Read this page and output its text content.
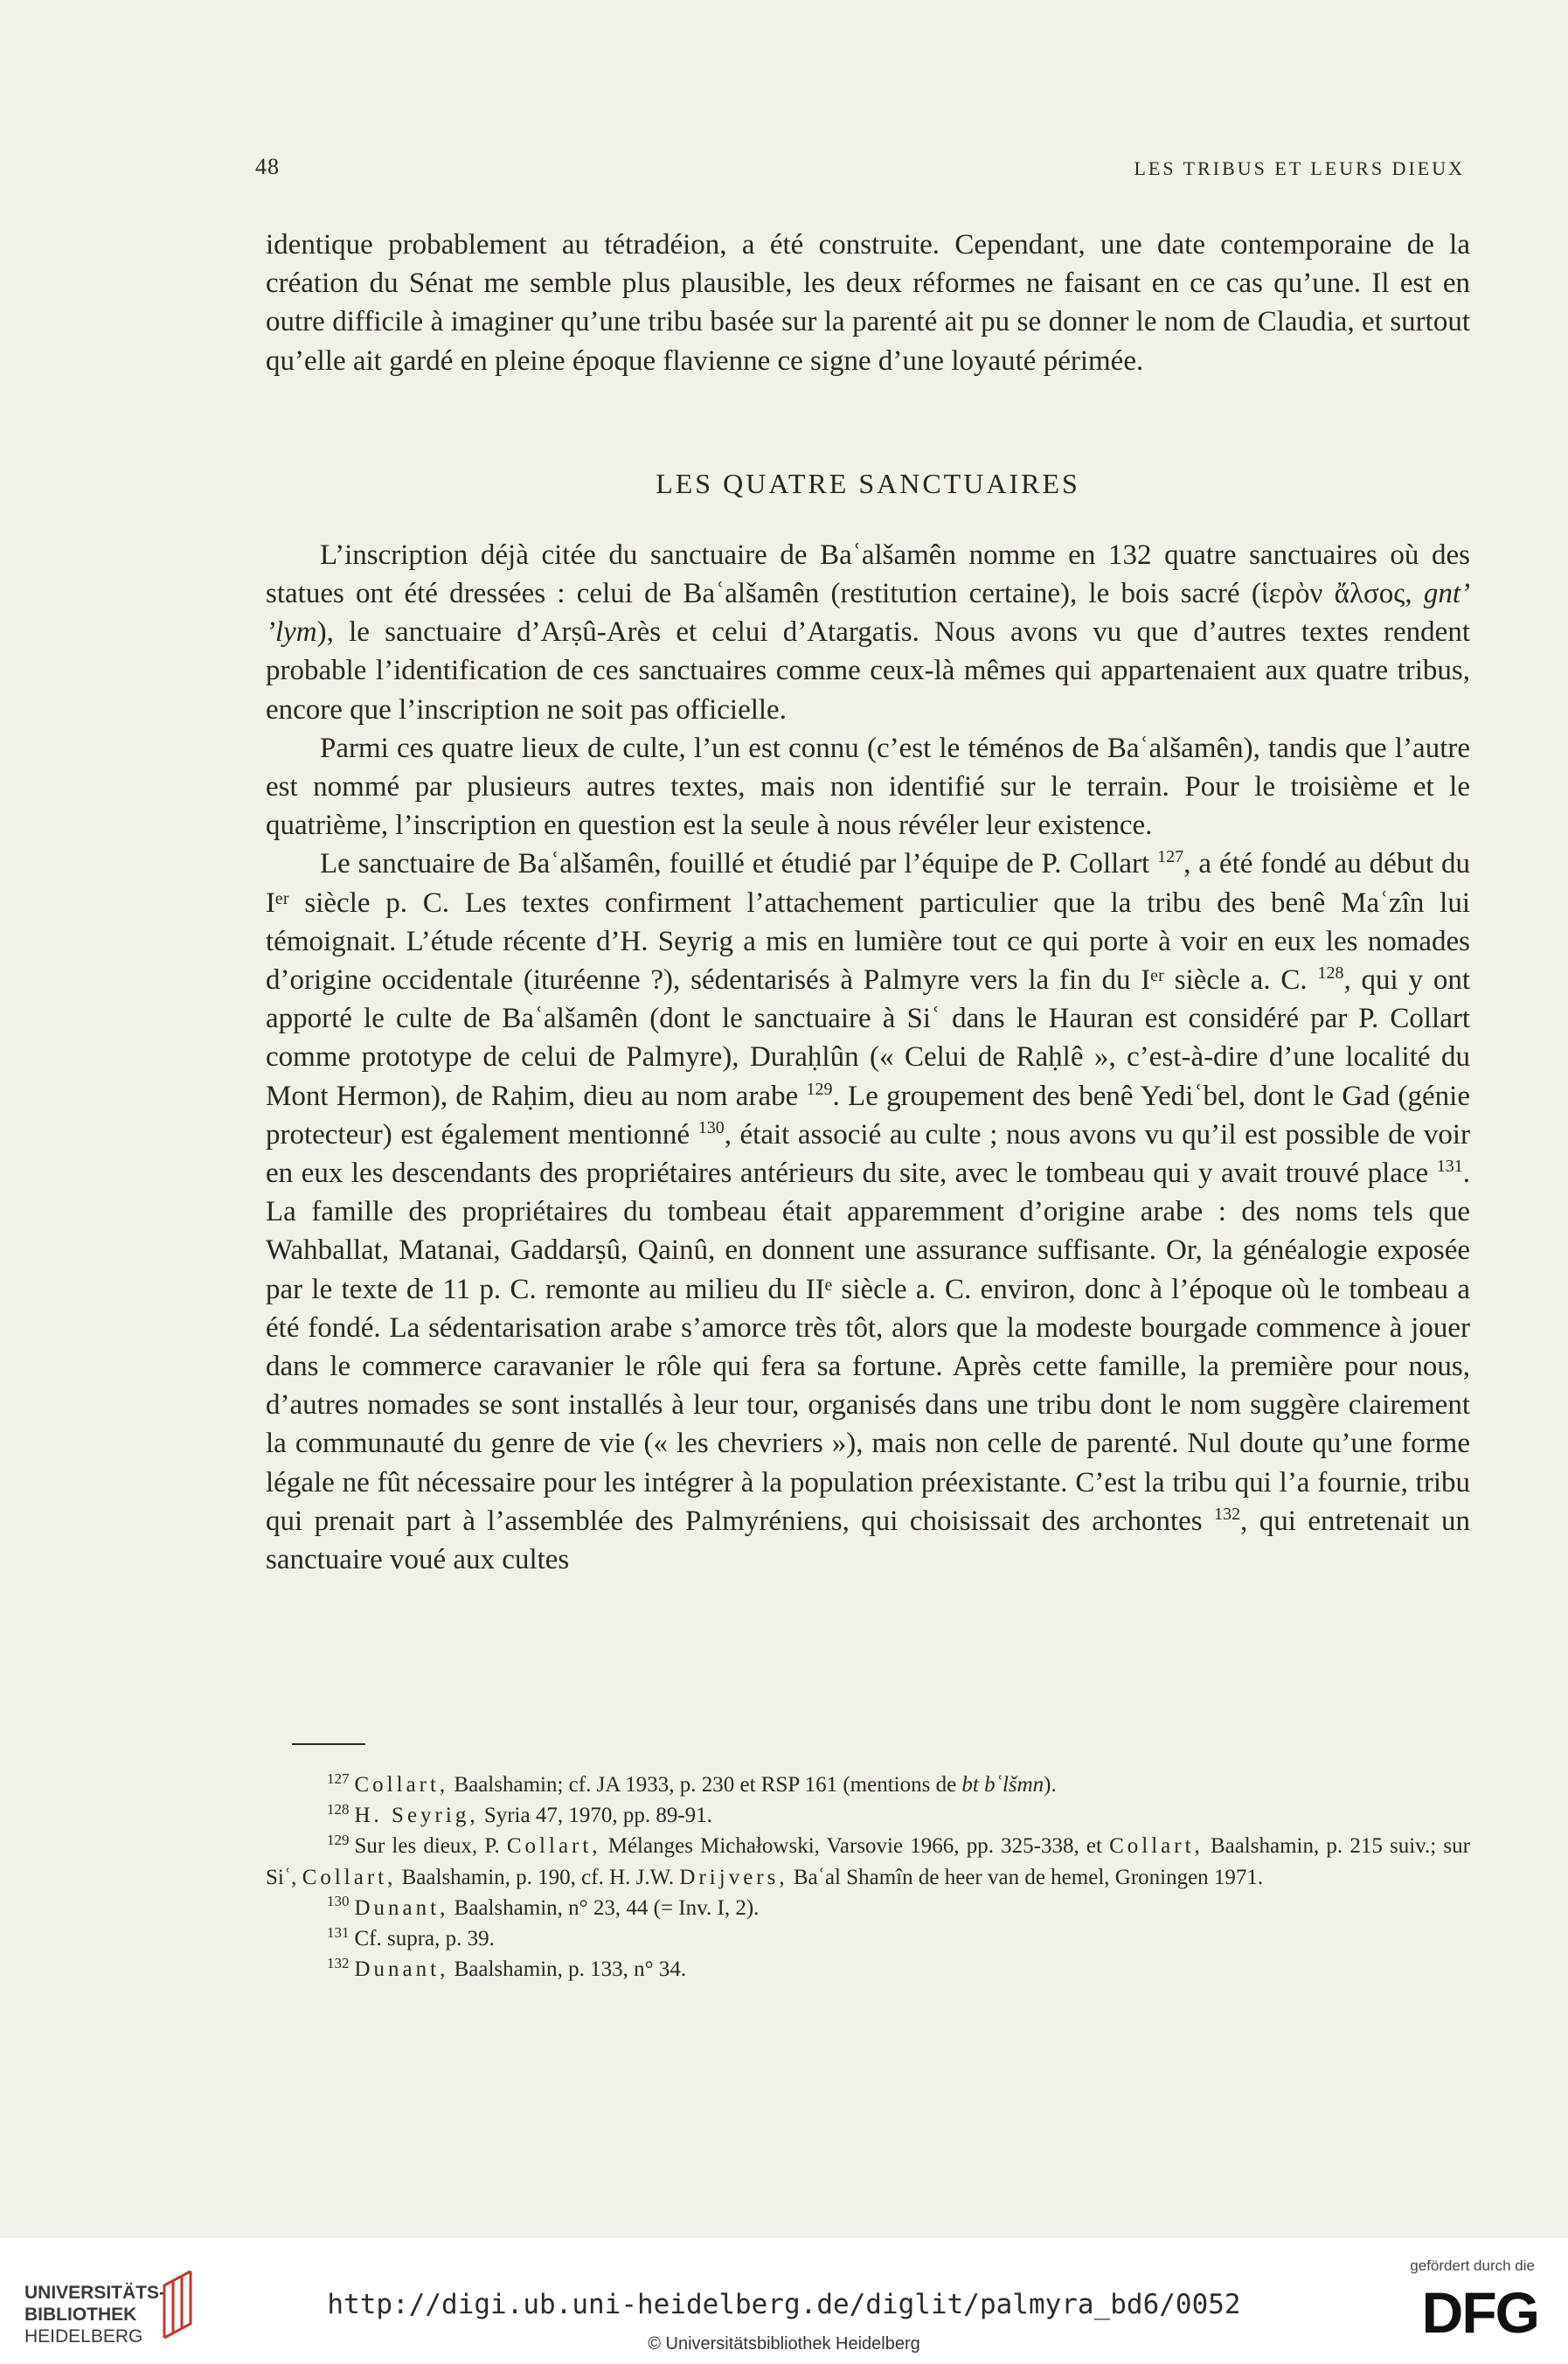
48	LES TRIBUS ET LEURS DIEUX

identique probablement au tétradéion, a été construite. Cependant, une date contemporaine de la création du Sénat me semble plus plausible, les deux réformes ne faisant en ce cas qu’une. Il est en outre difficile à imaginer qu’une tribu basée sur la parenté ait pu se donner le nom de Claudia, et surtout qu’elle ait gardé en pleine époque flavienne ce signe d’une loyauté périmée.

LES QUATRE SANCTUAIRES

L’inscription déjà citée du sanctuaire de Baʿalšamên nomme en 132 quatre sanctuaires où des statues ont été dressées : celui de Baʿalšamên (restitution certaine), le bois sacré (ἱερὸν ἄλσος, gnt’ ’lym), le sanctuaire d’Arṣû-Arès et celui d’Atargatis. Nous avons vu que d’autres textes rendent probable l’identification de ces sanctuaires comme ceux-là mêmes qui appartenaient aux quatre tribus, encore que l’inscription ne soit pas officielle.

Parmi ces quatre lieux de culte, l’un est connu (c’est le téménos de Baʿalšamên), tandis que l’autre est nommé par plusieurs autres textes, mais non identifié sur le terrain. Pour le troisième et le quatrième, l’inscription en question est la seule à nous révéler leur existence.

Le sanctuaire de Baʿalšamên, fouillé et étudié par l’équipe de P. Collart $^{127}$, a été fondé au début du Iᵉʳ siècle p. C. Les textes confirment l’attachement particulier que la tribu des benê Maʿzîn lui témoignait. L’étude récente d’H. Seyrig a mis en lumière tout ce qui porte à voir en eux les nomades d’origine occidentale (ituréenne ?), sédentarisés à Palmyre vers la fin du Iᵉʳ siècle a. C. $^{128}$, qui y ont apporté le culte de Baʿalšamên (dont le sanctuaire à Siʿ dans le Hauran est considéré par P. Collart comme prototype de celui de Palmyre), Duraḥlûn (« Celui de Raḥlê », c’est-à-dire d’une localité du Mont Hermon), de Raḥim, dieu au nom arabe $^{129}$. Le groupement des benê Yediʿbel, dont le Gad (génie protecteur) est également mentionné $^{130}$, était associé au culte ; nous avons vu qu’il est possible de voir en eux les descendants des propriétaires antérieurs du site, avec le tombeau qui y avait trouvé place $^{131}$. La famille des propriétaires du tombeau était apparemment d’origine arabe : des noms tels que Wahballat, Matanai, Gaddarṣû, Qainû, en donnent une assurance suffisante. Or, la généalogie exposée par le texte de 11 p. C. remonte au milieu du IIᵉ siècle a. C. environ, donc à l’époque où le tombeau a été fondé. La sédentarisation arabe s’amorce très tôt, alors que la modeste bourgade commence à jouer dans le commerce caravanier le rôle qui fera sa fortune. Après cette famille, la première pour nous, d’autres nomades se sont installés à leur tour, organisés dans une tribu dont le nom suggère clairement la communauté du genre de vie (« les chevriers »), mais non celle de parenté. Nul doute qu’une forme légale ne fût nécessaire pour les intégrer à la population préexistante. C’est la tribu qui l’a fournie, tribu qui prenait part à l’assemblée des Palmyréniens, qui choisissait des archontes $^{132}$, qui entretenait un sanctuaire voué aux cultes

$^{127}$ Collart, Baalshamin; cf. JA 1933, p. 230 et RSP 161 (mentions de bt bʿlšmn).

$^{128}$ H. Seyrig, Syria 47, 1970, pp. 89-91.

$^{129}$ Sur les dieux, P. Collart, Mélanges Michałowski, Varsovie 1966, pp. 325-338, et Collart, Baalshamin, p. 215 suiv.; sur Siʿ, Collart, Baalshamin, p. 190, cf. H. J.W. Drijvers, Baʿal Shamîn de heer van de hemel, Groningen 1971.

$^{130}$ Dunant, Baalshamin, n° 23, 44 (= Inv. I, 2).

$^{131}$ Cf. supra, p. 39.

$^{132}$ Dunant, Baalshamin, p. 133, n° 34.

UNIVERSITÄTS-
BIBLIOTHEK
HEIDELBERG
http://digi.ub.uni-heidelberg.de/diglit/palmyra_bd6/0052
© Universitätsbibliothek Heidelberg
gefördert durch die
DFG
